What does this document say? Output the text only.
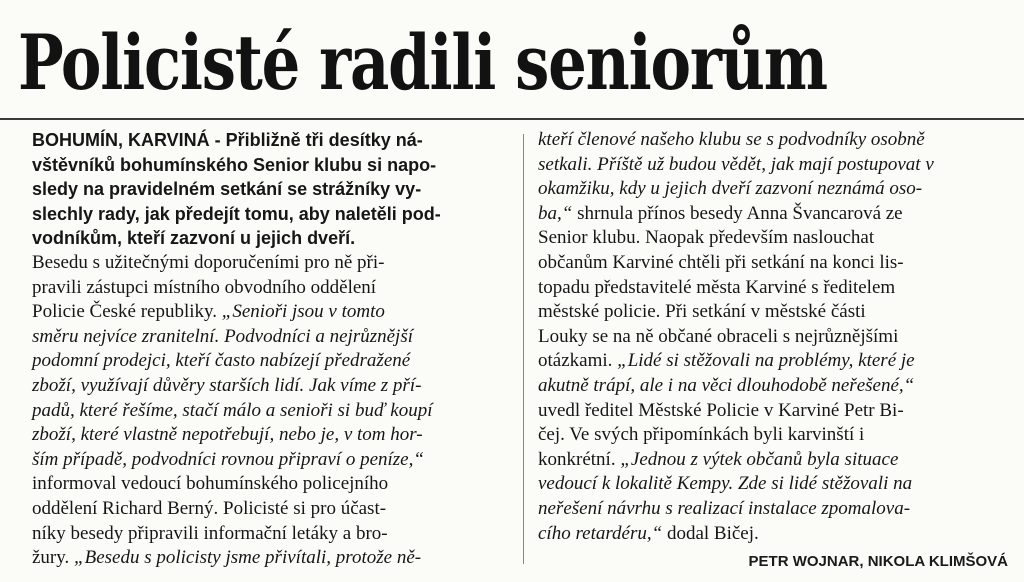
Policisté radili seniorům
BOHUMÍN, KARVINÁ - Přibližně tři desítky ná-
vštěvníků bohumínského Senior klubu si napo-
sledy na pravidelném setkání se strážníky vy-
slechly rady, jak předejít tomu, aby naletěli pod-
vodníkům, kteří zazvoní u jejich dveří.
Besedu s užitečnými doporučeními pro ně při-
pravili zástupci místního obvodního oddělení
Policie České republiky. „Senioři jsou v tomto
směru nejvíce zranitelní. Podvodníci a nejrůznější
podomní prodejci, kteří často nabízejí předražené
zboží, využívají důvěry starších lidí. Jak víme z pří-
padů, které řešíme, stačí málo a senioři si buď koupí
zboží, které vlastně nepotřebují, nebo je, v tom hor-
ším případě, podvodníci rovnou připraví o peníze,“
informoval vedoucí bohumínského policejního
oddělení Richard Berný. Policisté si pro účast-
níky besedy připravili informační letáky a bro-
žury. „Besedu s policisty jsme přivítali, protože ně-
kteří členové našeho klubu se s podvodníky osobně
setkali. Příště už budou vědět, jak mají postupovat v
okamžiku, kdy u jejich dveří zazvoní neznámá oso-
ba,“ shrnula přínos besedy Anna Švancarová ze
Senior klubu. Naopak především naslouchat
občanům Karviné chtěli při setkání na konci lis-
topadu představitelé města Karviné s ředitelem
městské policie. Při setkání v městské části
Louky se na ně občané obraceli s nejrůznějšími
otázkami. „Lidé si stěžovali na problémy, které je
akutně trápí, ale i na věci dlouhodobě neřešené,“
uvedl ředitel Městské Policie v Karviné Petr Bi-
čej. Ve svých připomínkách byli karvinští i
konkrétní. „Jednou z výtek občanů byla situace
vedoucí k lokalitě Kempy. Zde si lidé stěžovali na
neřešení návrhu s realizací instalace zpomalova-
cího retardéru,“ dodal Bičej.
PETR WOJNAR, NIKOLA KLIMŠOVÁ
